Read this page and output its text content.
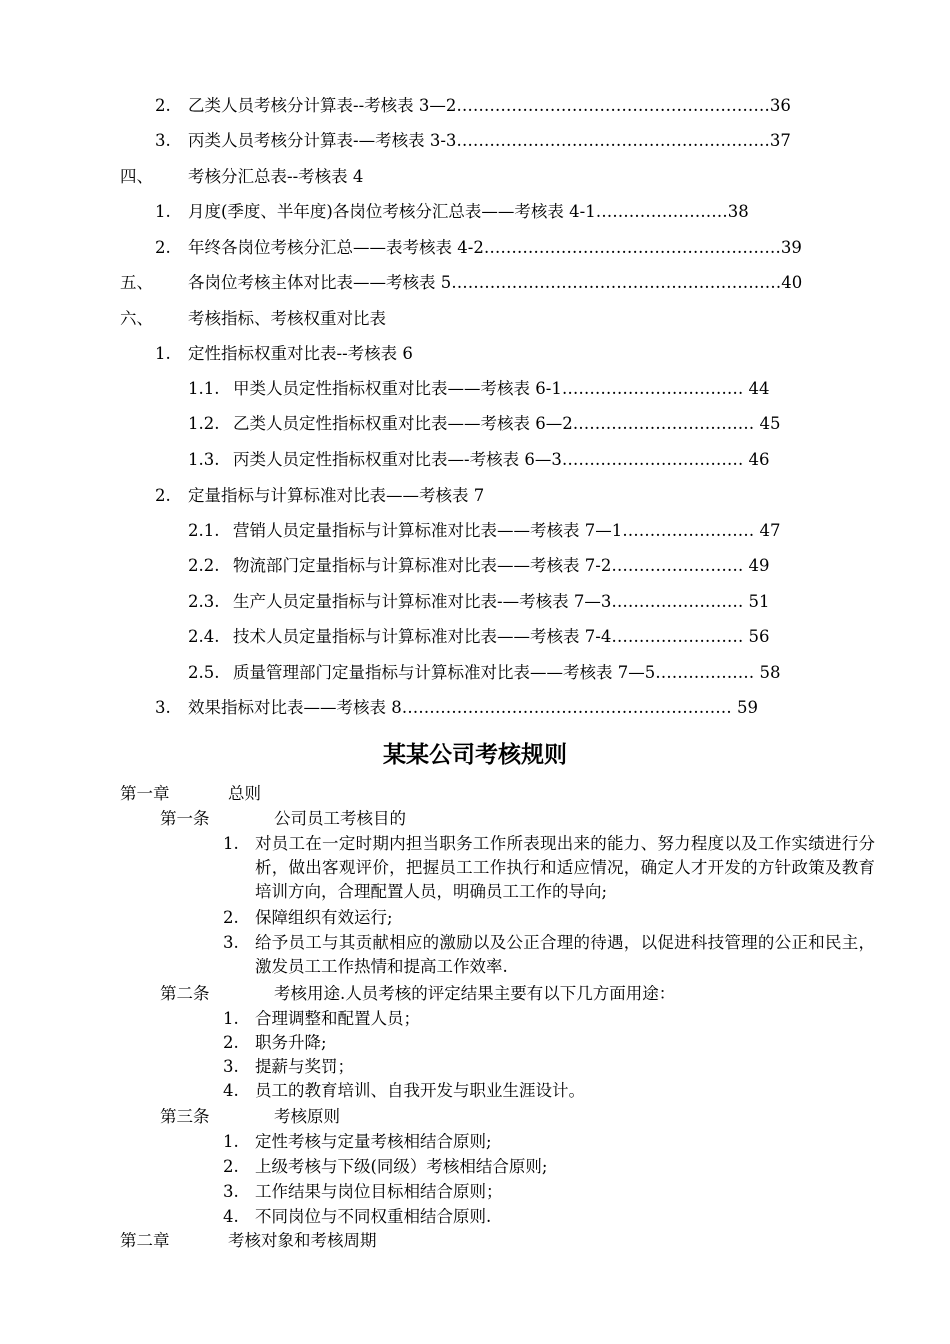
2. 乙类人员考核分计算表--考核表 3—2…………………………………………………36
3. 丙类人员考核分计算表-—考核表 3-3…………………………………………………37
四、 考核分汇总表--考核表 4
1. 月度(季度、半年度)各岗位考核分汇总表——考核表 4-1……………………38
2. 年终各岗位考核分汇总——表考核表 4-2………………………………………………39
五、 各岗位考核主体对比表——考核表 5……………………………………………………40
六、 考核指标、考核权重对比表
1. 定性指标权重对比表--考核表 6
1.1. 甲类人员定性指标权重对比表——考核表 6-1…………………………… 44
1.2. 乙类人员定性指标权重对比表——考核表 6—2…………………………… 45
1.3. 丙类人员定性指标权重对比表—-考核表 6—3…………………………… 46
2. 定量指标与计算标准对比表——考核表 7
2.1. 营销人员定量指标与计算标准对比表——考核表 7—1…………………… 47
2.2. 物流部门定量指标与计算标准对比表——考核表 7-2…………………… 49
2.3. 生产人员定量指标与计算标准对比表-—考核表 7—3…………………… 51
2.4. 技术人员定量指标与计算标准对比表——考核表 7-4…………………… 56
2.5. 质量管理部门定量指标与计算标准对比表——考核表 7—5……………… 58
3. 效果指标对比表——考核表 8…………………………………………………… 59
某某公司考核规则
第一章	总则
第一条	公司员工考核目的
1. 对员工在一定时期内担当职务工作所表现出来的能力、努力程度以及工作实绩进行分析，做出客观评价，把握员工工作执行和适应情况，确定人才开发的方针政策及教育培训方向，合理配置人员，明确员工工作的导向;
2. 保障组织有效运行;
3. 给予员工与其贡献相应的激励以及公正合理的待遇，以促进科技管理的公正和民主，激发员工工作热情和提高工作效率.
第二条	考核用途.人员考核的评定结果主要有以下几方面用途：
1. 合理调整和配置人员；
2. 职务升降;
3. 提薪与奖罚；
4. 员工的教育培训、自我开发与职业生涯设计。
第三条	考核原则
1. 定性考核与定量考核相结合原则;
2. 上级考核与下级(同级）考核相结合原则;
3. 工作结果与岗位目标相结合原则；
4. 不同岗位与不同权重相结合原则.
第二章	考核对象和考核周期
